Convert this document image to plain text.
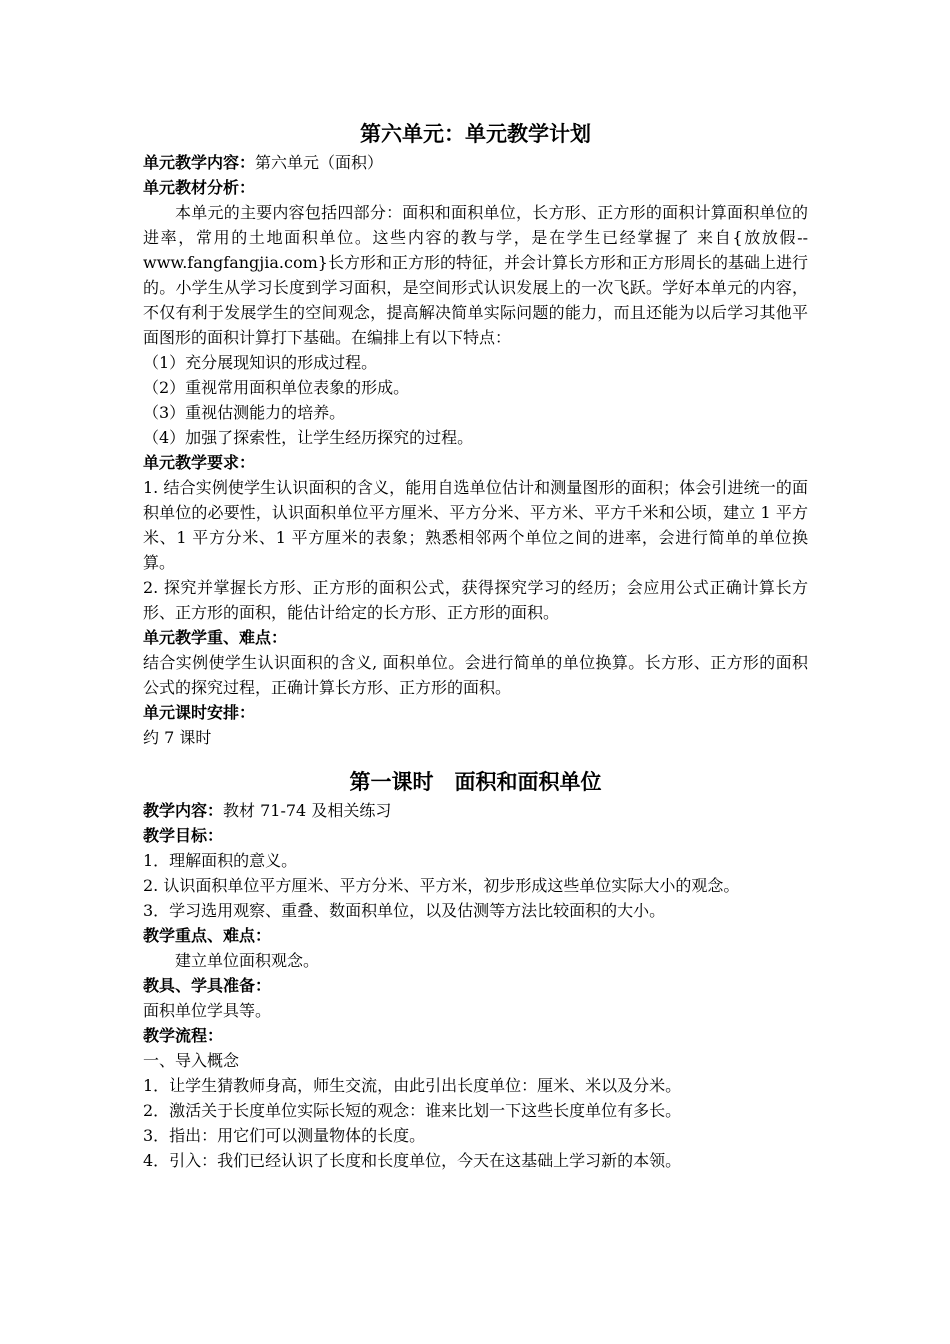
第六单元：单元教学计划

单元教学内容：第六单元（面积）

单元教材分析：

本单元的主要内容包括四部分：面积和面积单位，长方形、正方形的面积计算面积单位的进率，常用的土地面积单位。这些内容的教与学，是在学生已经掌握了 来自{放放假--www.fangfangjia.com}长方形和正方形的特征，并会计算长方形和正方形周长的基础上进行的。小学生从学习长度到学习面积，是空间形式认识发展上的一次飞跃。学好本单元的内容，不仅有利于发展学生的空间观念，提高解决简单实际问题的能力，而且还能为以后学习其他平面图形的面积计算打下基础。在编排上有以下特点：

（1）充分展现知识的形成过程。

（2）重视常用面积单位表象的形成。

（3）重视估测能力的培养。

（4）加强了探索性，让学生经历探究的过程。

单元教学要求：

1. 结合实例使学生认识面积的含义，能用自选单位估计和测量图形的面积；体会引进统一的面积单位的必要性，认识面积单位平方厘米、平方分米、平方米、平方千米和公顷，建立 1 平方米、1 平方分米、1 平方厘米的表象；熟悉相邻两个单位之间的进率，会进行简单的单位换算。

2. 探究并掌握长方形、正方形的面积公式，获得探究学习的经历；会应用公式正确计算长方形、正方形的面积，能估计给定的长方形、正方形的面积。

单元教学重、难点：

结合实例使学生认识面积的含义, 面积单位。会进行简单的单位换算。长方形、正方形的面积公式的探究过程，正确计算长方形、正方形的面积。

单元课时安排：

约 7 课时

第一课时　面积和面积单位

教学内容：教材 71-74 及相关练习

教学目标：

1．理解面积的意义。

2. 认识面积单位平方厘米、平方分米、平方米，初步形成这些单位实际大小的观念。

3．学习选用观察、重叠、数面积单位，以及估测等方法比较面积的大小。

教学重点、难点：

建立单位面积观念。

教具、学具准备：

面积单位学具等。

教学流程：

一、导入概念

1．让学生猜教师身高，师生交流，由此引出长度单位：厘米、米以及分米。

2．激活关于长度单位实际长短的观念：谁来比划一下这些长度单位有多长。

3．指出：用它们可以测量物体的长度。

4．引入：我们已经认识了长度和长度单位，今天在这基础上学习新的本领。
